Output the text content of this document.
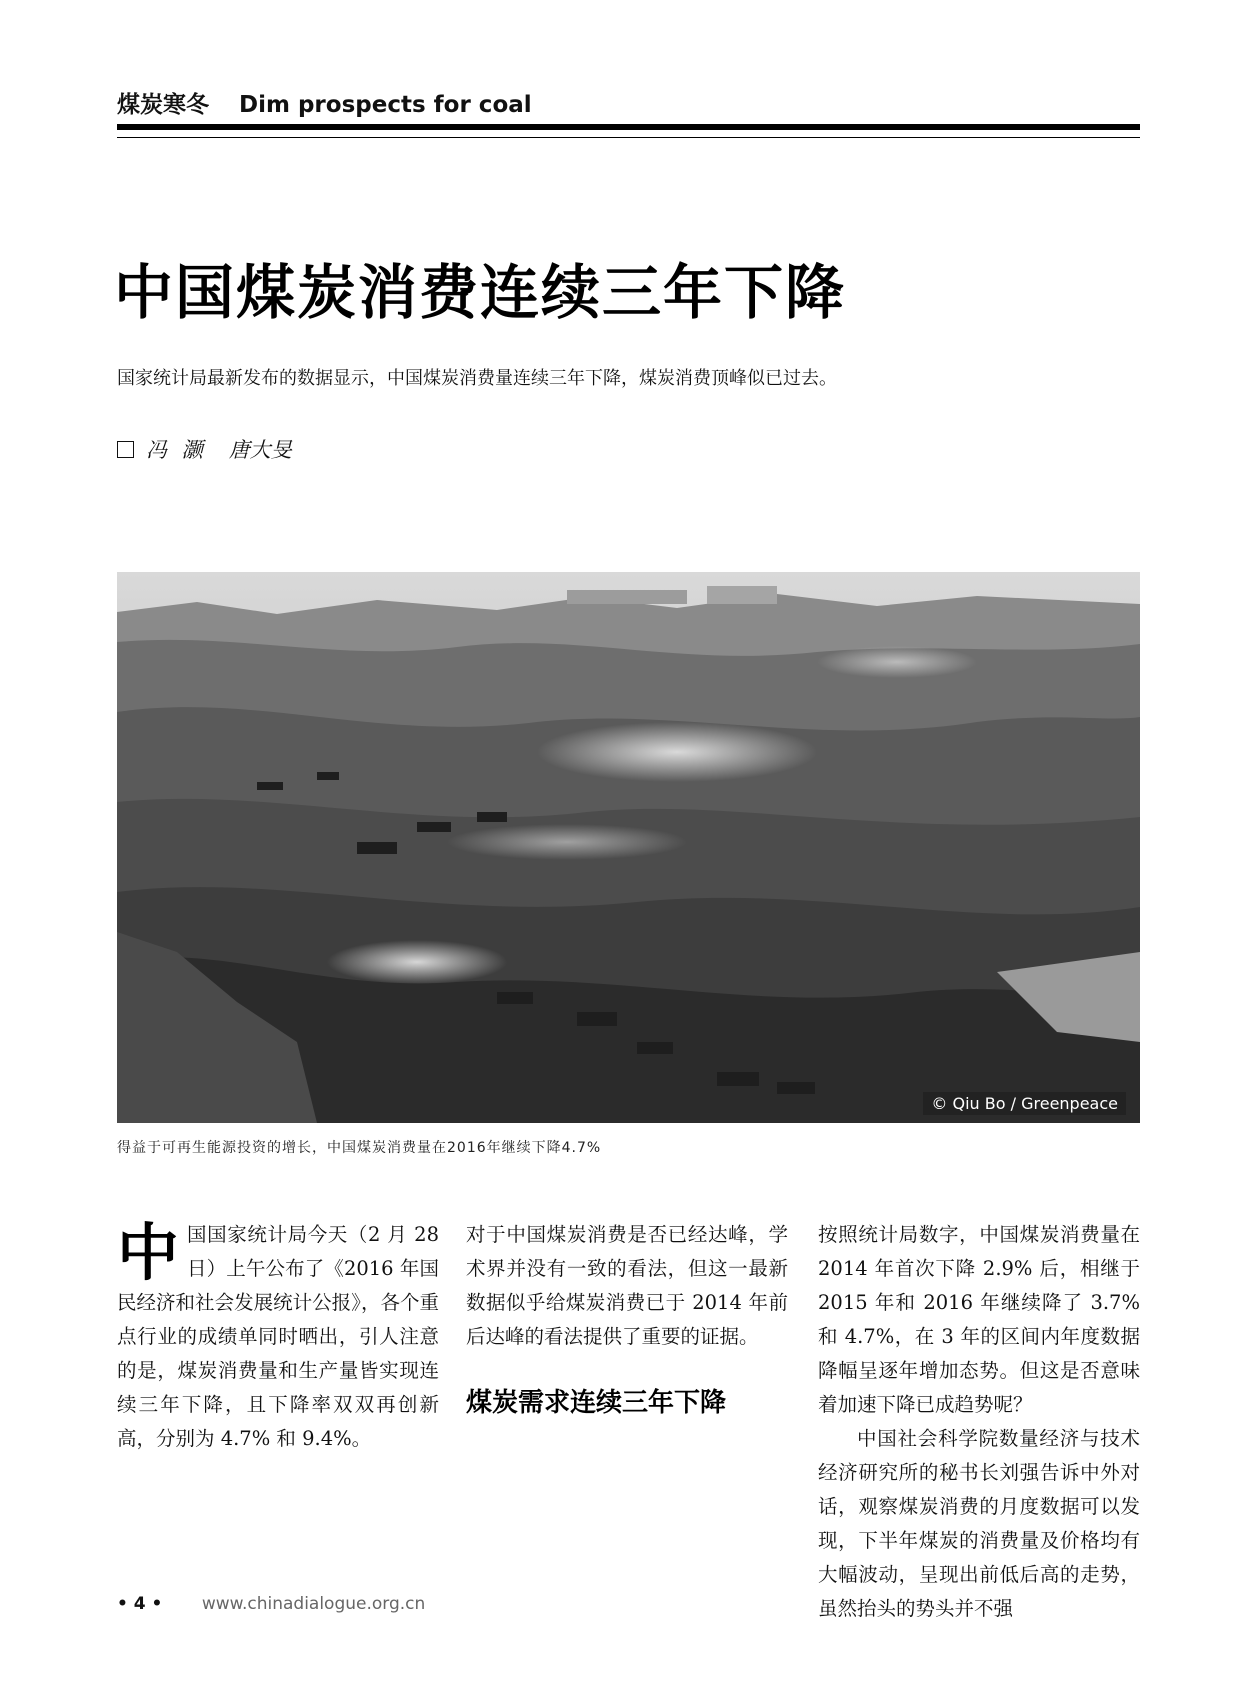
煤炭寒冬 Dim prospects for coal
中国煤炭消费连续三年下降

国家统计局最新发布的数据显示，中国煤炭消费量连续三年下降，煤炭消费顶峰似已过去。

冯 灏 唐大旻

© Qiu Bo / Greenpeace

得益于可再生能源投资的增长，中国煤炭消费量在2016年继续下降4.7%

中国国家统计局今天（2 月 28 日）上午公布了《2016 年国民经济和社会发展统计公报》，各个重点行业的成绩单同时晒出，引人注意的是，煤炭消费量和生产量皆实现连续三年下降，且下降率双双再创新高，分别为 4.7% 和 9.4%。

对于中国煤炭消费是否已经达峰，学术界并没有一致的看法，但这一最新数据似乎给煤炭消费已于 2014 年前后达峰的看法提供了重要的证据。

煤炭需求连续三年下降

按照统计局数字，中国煤炭消费量在 2014 年首次下降 2.9% 后，相继于 2015 年和 2016 年继续降了 3.7% 和 4.7%，在 3 年的区间内年度数据降幅呈逐年增加态势。但这是否意味着加速下降已成趋势呢？

中国社会科学院数量经济与技术经济研究所的秘书长刘强告诉中外对话，观察煤炭消费的月度数据可以发现，下半年煤炭的消费量及价格均有大幅波动，呈现出前低后高的走势，虽然抬头的势头并不强

• 4 • www.chinadialogue.org.cn
